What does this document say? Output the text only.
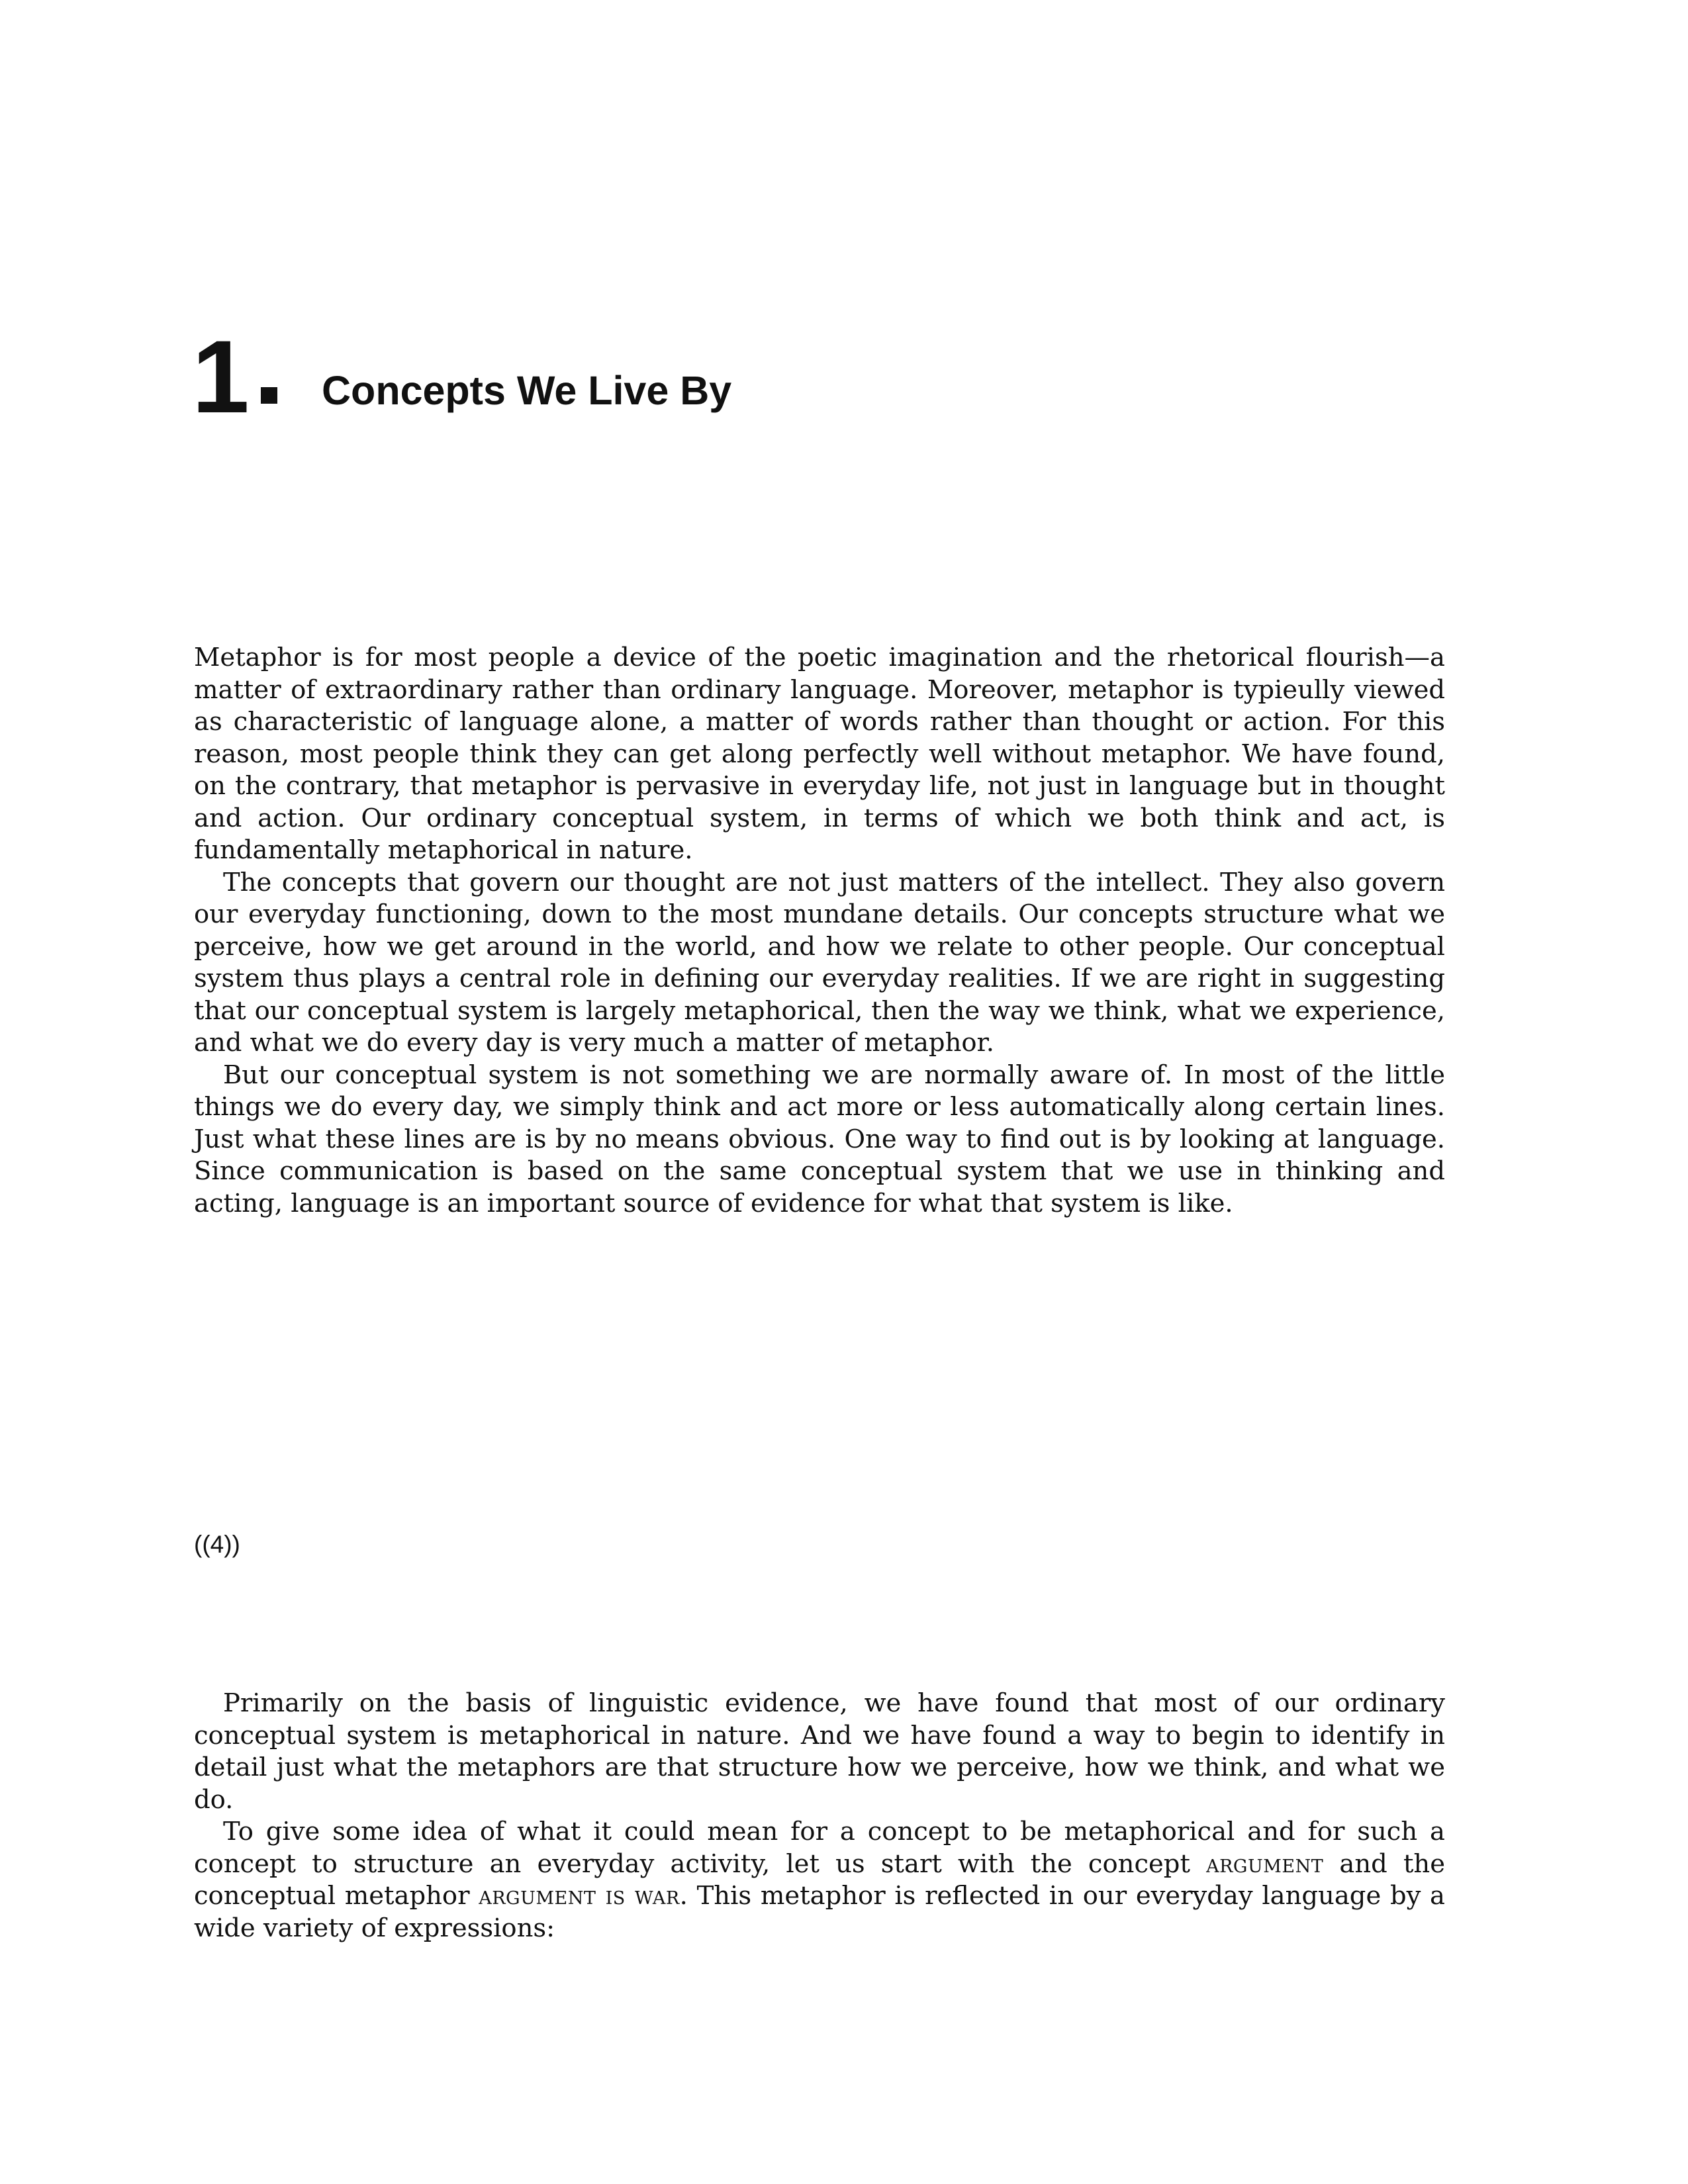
1 Concepts We Live By

Metaphor is for most people a device of the poetic imagination and the rhetorical flourish—a matter of extraordinary rather than ordinary language. Moreover, metaphor is typieully viewed as characteristic of language alone, a matter of words rather than thought or action. For this reason, most people think they can get along perfectly well without metaphor. We have found, on the contrary, that metaphor is pervasive in everyday life, not just in language but in thought and action. Our ordinary conceptual system, in terms of which we both think and act, is fundamentally metaphorical in nature.

The concepts that govern our thought are not just matters of the intellect. They also govern our everyday functioning, down to the most mundane details. Our concepts structure what we perceive, how we get around in the world, and how we relate to other people. Our conceptual system thus plays a central role in defining our everyday realities. If we are right in suggesting that our conceptual system is largely metaphorical, then the way we think, what we experience, and what we do every day is very much a matter of metaphor.

But our conceptual system is not something we are normally aware of. In most of the little things we do every day, we simply think and act more or less automatically along certain lines. Just what these lines are is by no means obvious. One way to find out is by looking at language. Since communication is based on the same conceptual system that we use in thinking and acting, language is an important source of evidence for what that system is like.

((4))

Primarily on the basis of linguistic evidence, we have found that most of our ordinary conceptual system is metaphorical in nature. And we have found a way to begin to identify in detail just what the metaphors are that structure how we perceive, how we think, and what we do.

To give some idea of what it could mean for a concept to be metaphorical and for such a concept to structure an everyday activity, let us start with the concept argument and the conceptual metaphor argument is war. This metaphor is reflected in our everyday language by a wide variety of expressions:
